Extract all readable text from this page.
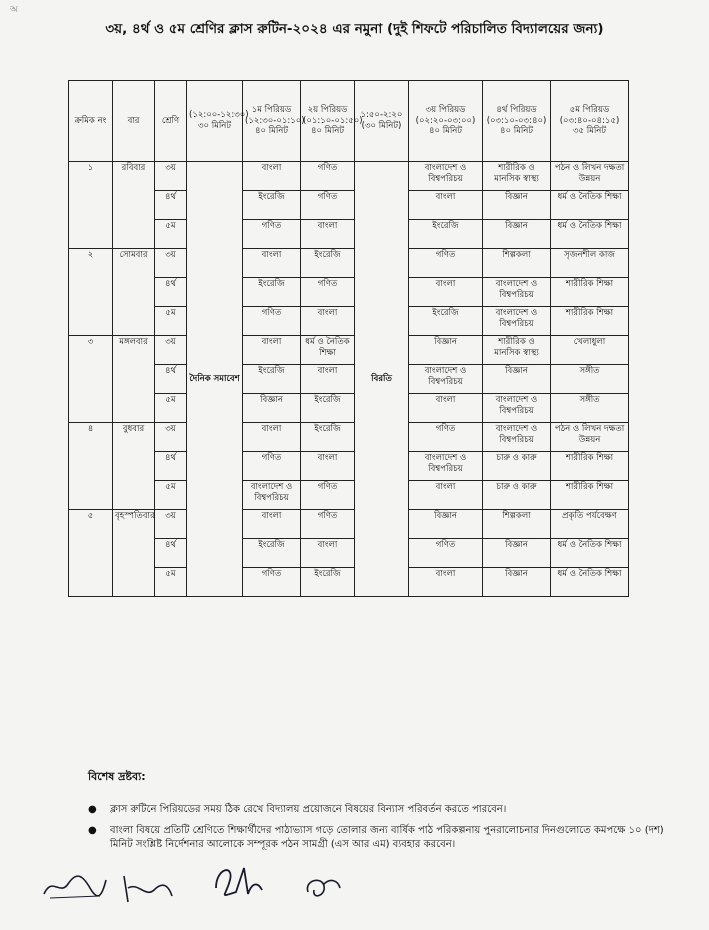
অ
৩য়, ৪র্থ ও ৫ম শ্রেণির ক্লাস রুটিন-২০২৪ এর নমুনা (দুই শিফটে পরিচালিত বিদ্যালয়ের জন্য)
ক্রমিক নং	বার	শ্রেণি	(১২:০০-১২:৩০) ৩০ মিনিট	১ম পিরিয়ড (১২:৩০-০১:১০) ৪০ মিনিট	২য় পিরিয়ড (০১:১০-০১:৫০) ৪০ মিনিট	১:৫০-২:২০ (৩০ মিনিট)	৩য় পিরিয়ড (০২:২০-০৩:০০) ৪০ মিনিট	৪র্থ পিরিয়ড (০৩:১০-০৩:৪০) ৪০ মিনিট	৫ম পিরিয়ড (০৩:৪০-০৪:১৫) ৩৫ মিনিট
১	রবিবার	৩য়	দৈনিক সমাবেশ	বাংলা	গণিত	বিরতি	বাংলাদেশ ও বিশ্বপরিচয়	শারীরিক ও মানসিক স্বাস্থ্য	পঠন ও লিখন দক্ষতা উন্নয়ন
		৪র্থ		ইংরেজি	গণিত		বাংলা	বিজ্ঞান	ধর্ম ও নৈতিক শিক্ষা
		৫ম		গণিত	বাংলা		ইংরেজি	বিজ্ঞান	ধর্ম ও নৈতিক শিক্ষা
২	সোমবার	৩য়		বাংলা	ইংরেজি		গণিত	শিল্পকলা	সৃজনশীল কাজ
		৪র্থ		ইংরেজি	গণিত		বাংলা	বাংলাদেশ ও বিশ্বপরিচয়	শারীরিক শিক্ষা
		৫ম		গণিত	বাংলা		ইংরেজি	বাংলাদেশ ও বিশ্বপরিচয়	শারীরিক শিক্ষা
৩	মঙ্গলবার	৩য়		বাংলা	ধর্ম ও নৈতিক শিক্ষা		বিজ্ঞান	শারীরিক ও মানসিক স্বাস্থ্য	খেলাধুলা
		৪র্থ		ইংরেজি	বাংলা		বাংলাদেশ ও বিশ্বপরিচয়	বিজ্ঞান	সঙ্গীত
		৫ম		বিজ্ঞান	ইংরেজি		বাংলা	বাংলাদেশ ও বিশ্বপরিচয়	সঙ্গীত
৪	বুধবার	৩য়		বাংলা	ইংরেজি		গণিত	বাংলাদেশ ও বিশ্বপরিচয়	পঠন ও লিখন দক্ষতা উন্নয়ন
		৪র্থ		গণিত	বাংলা		বাংলাদেশ ও বিশ্বপরিচয়	চারু ও কারু	শারীরিক শিক্ষা
		৫ম		বাংলাদেশ ও বিশ্বপরিচয়	গণিত		বাংলা	চারু ও কারু	শারীরিক শিক্ষা
৫	বৃহস্পতিবার	৩য়		বাংলা	গণিত		বিজ্ঞান	শিল্পকলা	প্রকৃতি পর্যবেক্ষণ
		৪র্থ		ইংরেজি	বাংলা		গণিত	বিজ্ঞান	ধর্ম ও নৈতিক শিক্ষা
		৫ম		গণিত	ইংরেজি		বাংলা	বিজ্ঞান	ধর্ম ও নৈতিক শিক্ষা
বিশেষ দ্রষ্টব্য:
●	ক্লাস রুটিনে পিরিয়ডের সময় ঠিক রেখে বিদ্যালয় প্রয়োজনে বিষয়ের বিন্যাস পরিবর্তন করতে পারবেন।
●	বাংলা বিষয়ে প্রতিটি শ্রেণিতে শিক্ষার্থীদের পাঠাভ্যাস গড়ে তোলার জন্য বার্ষিক পাঠ পরিকল্পনায় পুনরালোচনার দিনগুলোতে কমপক্ষে ১০ (দশ) মিনিট সংশ্লিষ্ট নির্দেশনার আলোকে সম্পূরক পঠন সামগ্রী (এস আর এম) ব্যবহার করবেন।
